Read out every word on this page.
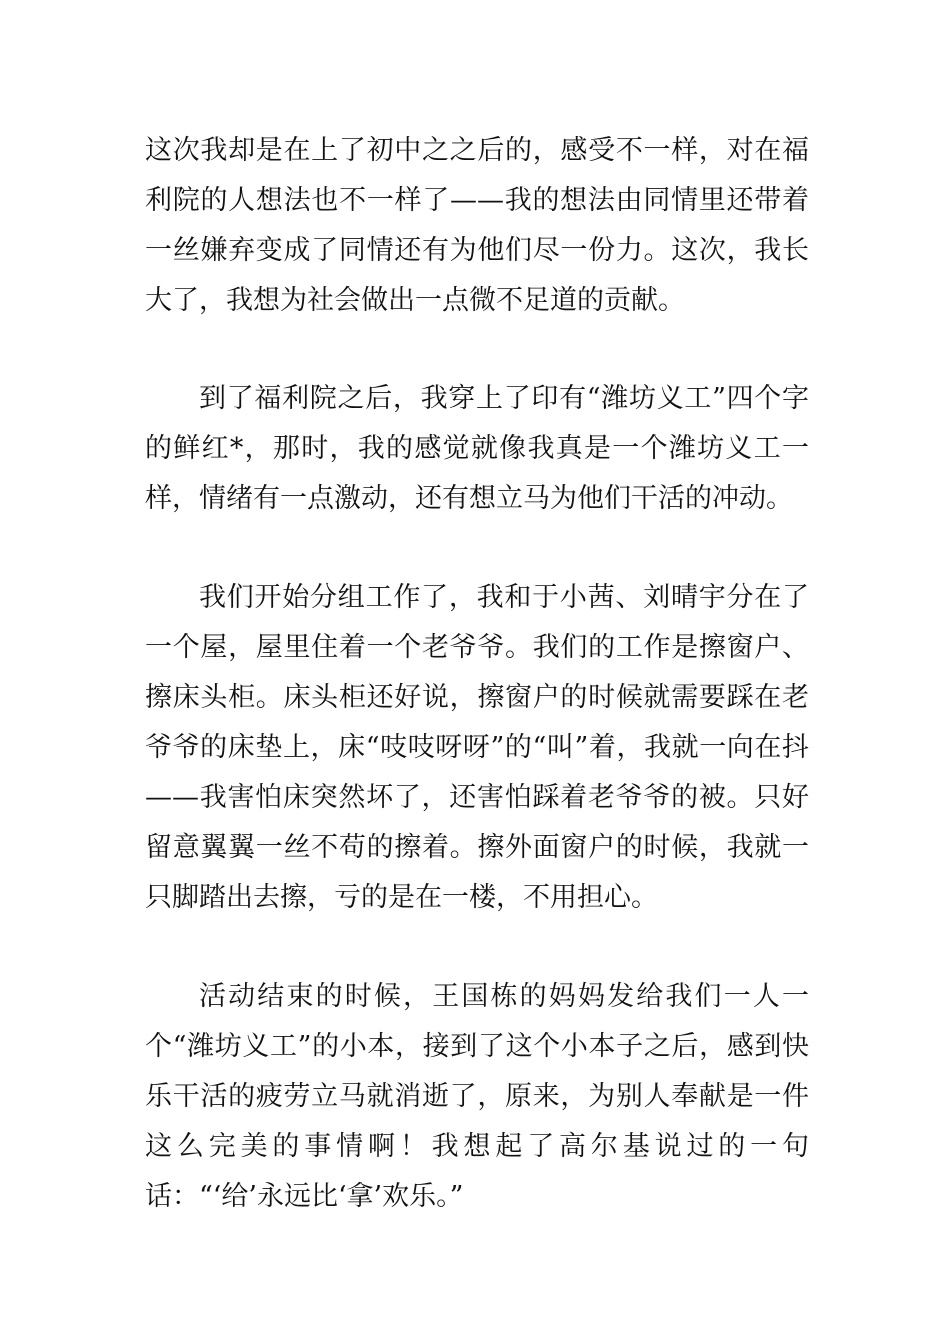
这次我却是在上了初中之之后的，感受不一样，对在福利院的人想法也不一样了——我的想法由同情里还带着一丝嫌弃变成了同情还有为他们尽一份力。这次，我长大了，我想为社会做出一点微不足道的贡献。

到了福利院之后，我穿上了印有“潍坊义工”四个字的鲜红*，那时，我的感觉就像我真是一个潍坊义工一样，情绪有一点激动，还有想立马为他们干活的冲动。

我们开始分组工作了，我和于小茜、刘晴宇分在了一个屋，屋里住着一个老爷爷。我们的工作是擦窗户、擦床头柜。床头柜还好说，擦窗户的时候就需要踩在老爷爷的床垫上，床“吱吱呀呀”的“叫”着，我就一向在抖——我害怕床突然坏了，还害怕踩着老爷爷的被。只好留意翼翼一丝不苟的擦着。擦外面窗户的时候，我就一只脚踏出去擦，亏的是在一楼，不用担心。

活动结束的时候，王国栋的妈妈发给我们一人一个“潍坊义工”的小本，接到了这个小本子之后，感到快乐干活的疲劳立马就消逝了，原来，为别人奉献是一件这么完美的事情啊！我想起了高尔基说过的一句话：“‘给’永远比‘拿’欢乐。”
